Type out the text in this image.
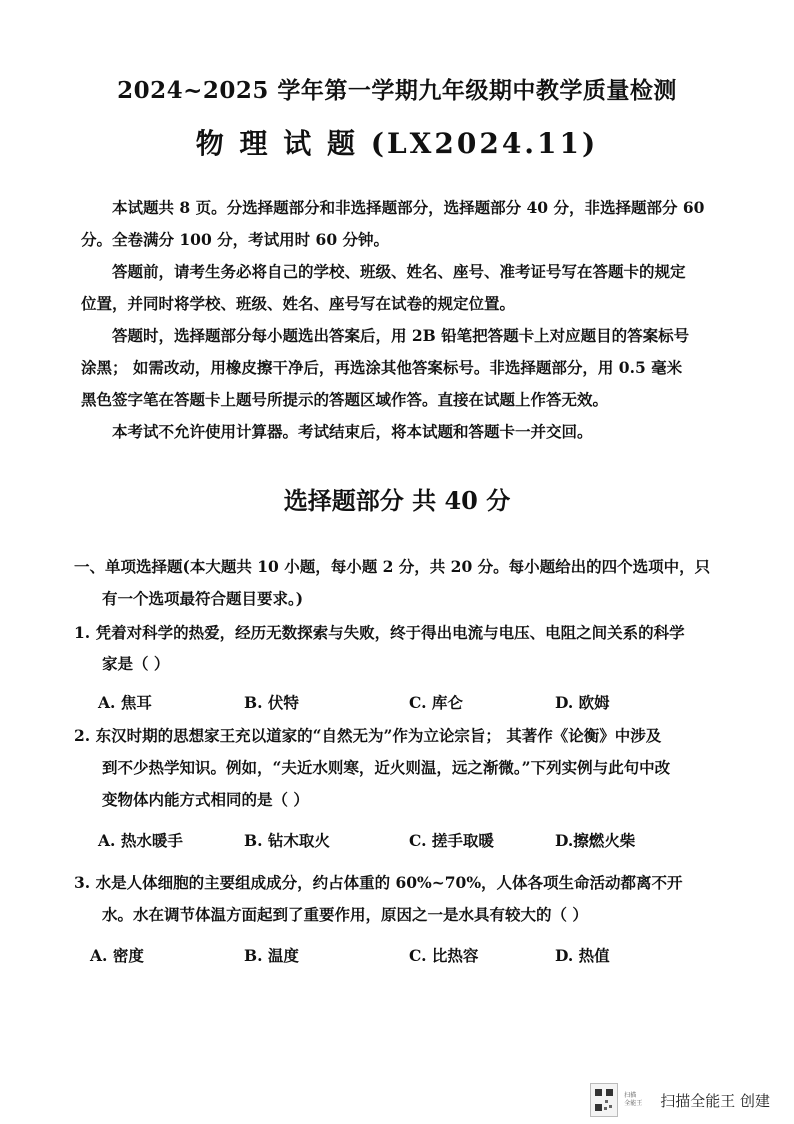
2024~2025 学年第一学期九年级期中教学质量检测
物 理 试 题 (LX2024.11)

本试题共 8 页。分选择题部分和非选择题部分，选择题部分 40 分，非选择题部分 60

分。全卷满分 100 分，考试用时 60 分钟。

答题前，请考生务必将自己的学校、班级、姓名、座号、准考证号写在答题卡的规定

位置，并同时将学校、班级、姓名、座号写在试卷的规定位置。

答题时，选择题部分每小题选出答案后，用 2B 铅笔把答题卡上对应题目的答案标号

涂黑； 如需改动，用橡皮擦干净后，再选涂其他答案标号。非选择题部分，用 0.5 毫米

黑色签字笔在答题卡上题号所提示的答题区域作答。直接在试题上作答无效。

本考试不允许使用计算器。考试结束后，将本试题和答题卡一并交回。

选择题部分 共 40 分

一、单项选择题(本大题共 10 小题，每小题 2 分，共 20 分。每小题给出的四个选项中，只

有一个选项最符合题目要求。)

1. 凭着对科学的热爱，经历无数探索与失败，终于得出电流与电压、电阻之间关系的科学

家是（ ）

A. 焦耳	B. 伏特	C. 库仑	D. 欧姆

2. 东汉时期的思想家王充以道家的“自然无为”作为立论宗旨； 其著作《论衡》中涉及

到不少热学知识。例如，“夫近水则寒，近火则温，远之渐微。”下列实例与此句中改

变物体内能方式相同的是（ ）

A. 热水暖手	B. 钻木取火	C. 搓手取暖	D.擦燃火柴

3. 水是人体细胞的主要组成成分，约占体重的 60%~70%，人体各项生命活动都离不开

水。水在调节体温方面起到了重要作用，原因之一是水具有较大的（ ）

A. 密度	B. 温度	C. 比热容	D. 热值
扫描
全能王	扫描全能王 创建
